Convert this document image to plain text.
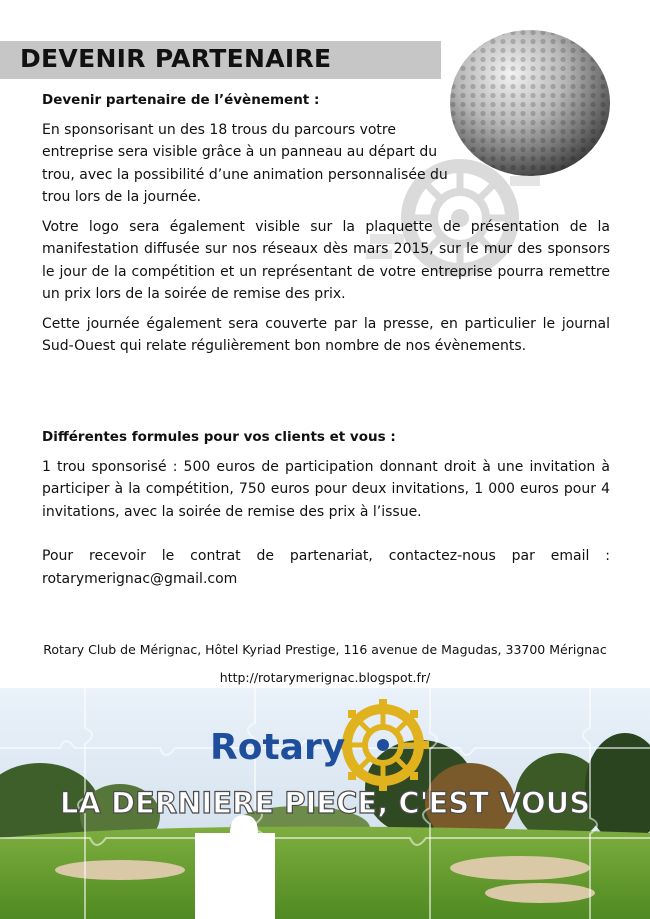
DEVENIR PARTENAIRE
Devenir partenaire de l’évènement :
En sponsorisant un des 18 trous du parcours votre entreprise sera visible grâce à un panneau au départ du trou, avec la possibilité d’une animation personnalisée du trou lors de la journée.
Votre logo sera également visible sur la plaquette de présentation de la manifestation diffusée sur nos réseaux dès mars 2015, sur le mur des sponsors le jour de la compétition et un représentant de votre entreprise pourra remettre un prix lors de la soirée de remise des prix.
Cette journée également sera couverte par la presse, en particulier le journal Sud-Ouest qui relate régulièrement bon nombre de nos évènements.
Différentes formules pour vos clients et vous :
1 trou sponsorisé : 500 euros de participation donnant droit à une invitation à participer à la compétition, 750 euros pour deux invitations, 1 000 euros pour 4 invitations, avec la soirée de remise des prix à l’issue.
Pour recevoir le contrat de partenariat, contactez-nous par email : rotarymerignac@gmail.com
Rotary Club de Mérignac, Hôtel Kyriad Prestige, 116 avenue de Magudas, 33700 Mérignac
http://rotarymerignac.blogspot.fr/
Rotary
LA DERNIERE PIECE, C'EST VOUS
